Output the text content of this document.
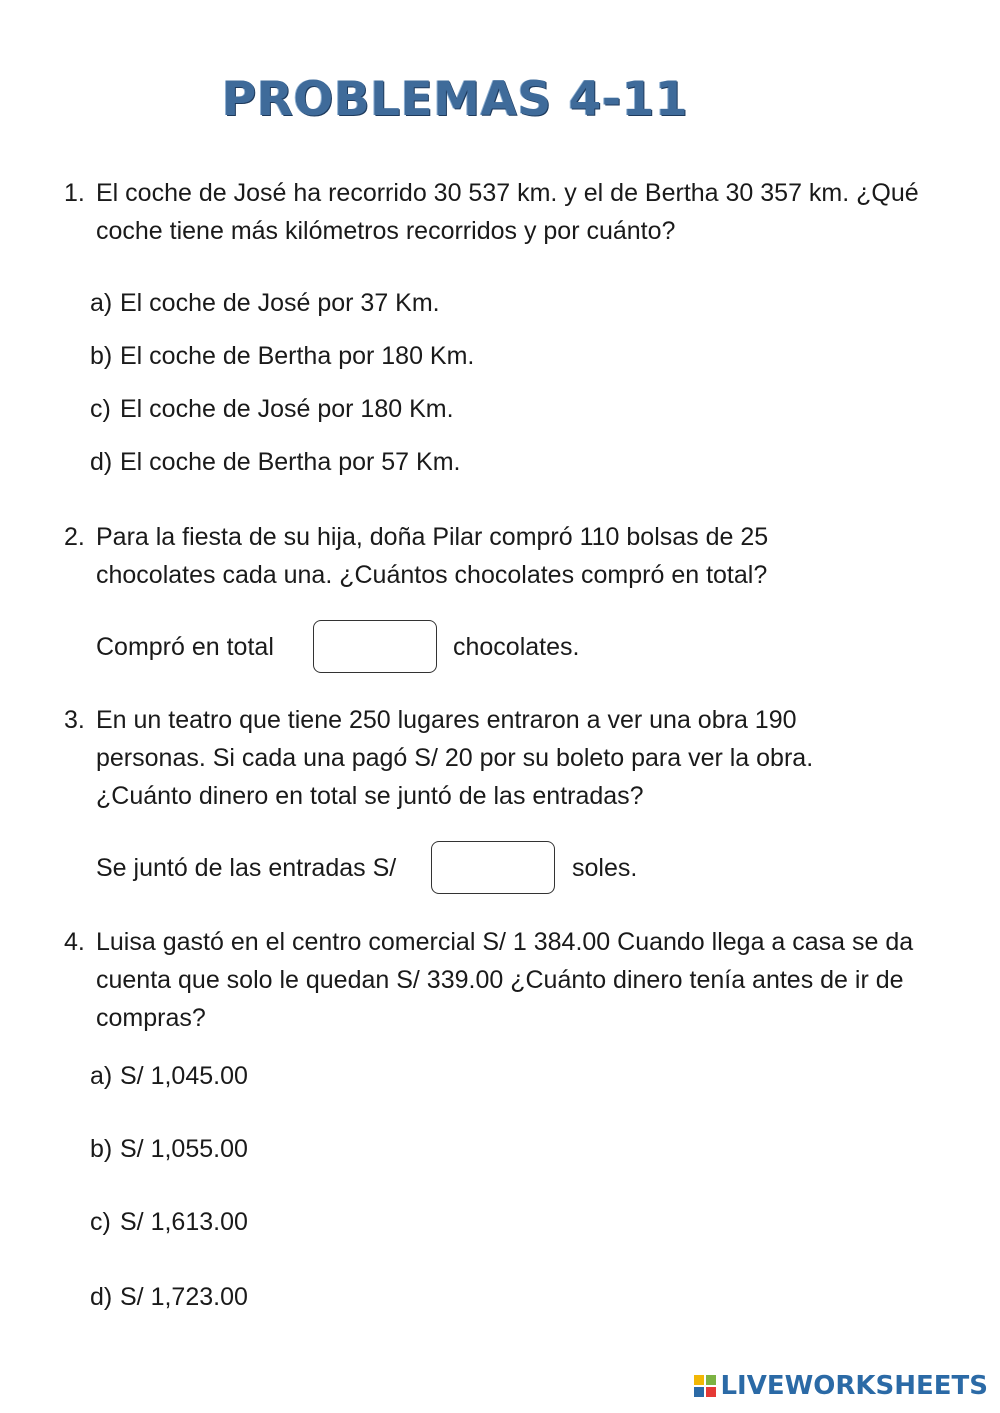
PROBLEMAS 4-11
1. El coche de José ha recorrido 30 537 km. y el de Bertha 30 357 km. ¿Qué coche tiene más kilómetros recorridos y por cuánto?
a) El coche de José por 37 Km.
b) El coche de Bertha por 180 Km.
c) El coche de José por 180 Km.
d) El coche de Bertha por 57 Km.
2. Para la fiesta de su hija, doña Pilar compró 110 bolsas de 25 chocolates cada una. ¿Cuántos chocolates compró en total?
Compró en total	chocolates.
3. En un teatro que tiene 250 lugares entraron a ver una obra 190 personas. Si cada una pagó S/ 20 por su boleto para ver la obra. ¿Cuánto dinero en total se juntó de las entradas?
Se juntó de las entradas S/	soles.
4. Luisa gastó en el centro comercial S/ 1 384.00 Cuando llega a casa se da cuenta que solo le quedan S/ 339.00 ¿Cuánto dinero tenía antes de ir de compras?
a) S/ 1,045.00
b) S/ 1,055.00
c) S/ 1,613.00
d) S/ 1,723.00
LIVEWORKSHEETS
